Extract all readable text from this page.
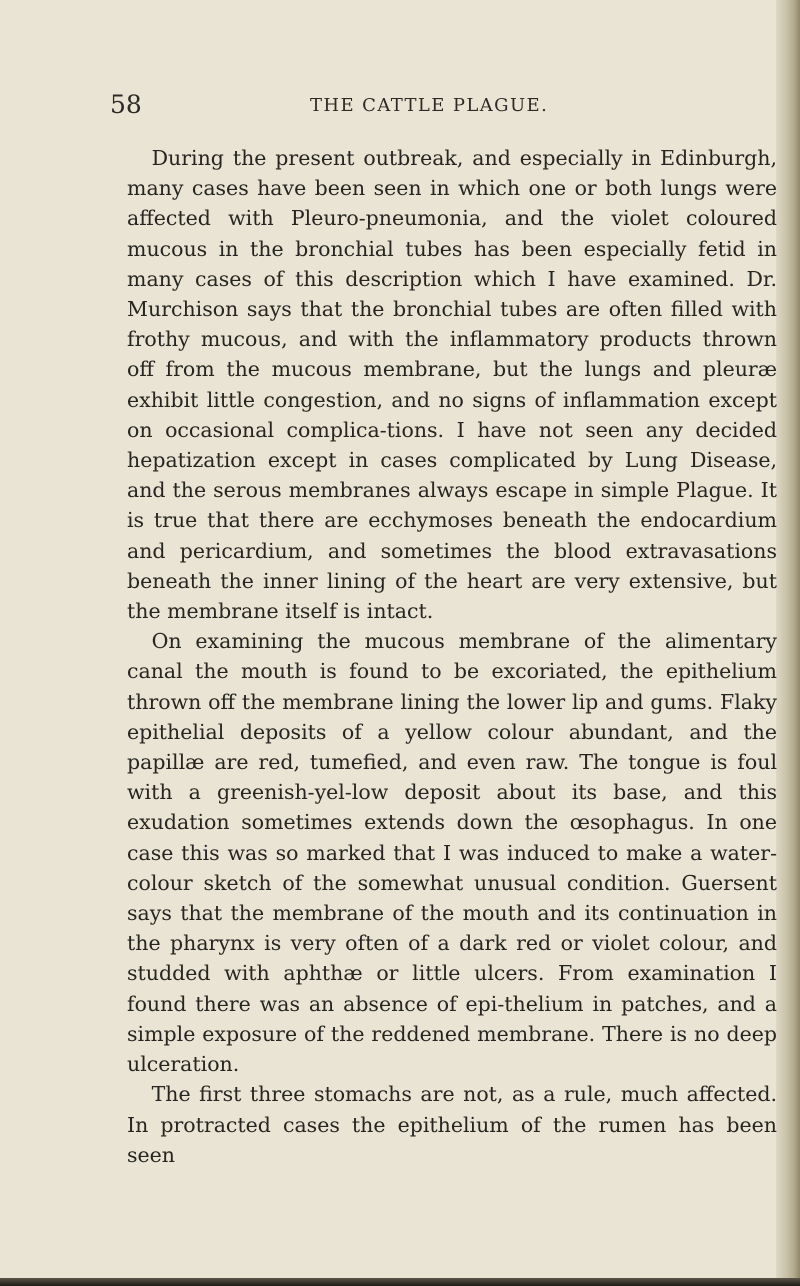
58	THE CATTLE PLAGUE.

During the present outbreak, and especially in Edinburgh, many cases have been seen in which one or both lungs were affected with Pleuro-pneumonia, and the violet coloured mucous in the bronchial tubes has been especially fetid in many cases of this description which I have examined. Dr. Murchison says that the bronchial tubes are often filled with frothy mucous, and with the inflammatory products thrown off from the mucous membrane, but the lungs and pleuræ exhibit little congestion, and no signs of inflammation except on occasional complica-tions. I have not seen any decided hepatization except in cases complicated by Lung Disease, and the serous membranes always escape in simple Plague. It is true that there are ecchymoses beneath the endocardium and pericardium, and sometimes the blood extravasations beneath the inner lining of the heart are very extensive, but the membrane itself is intact.

On examining the mucous membrane of the alimentary canal the mouth is found to be excoriated, the epithelium thrown off the membrane lining the lower lip and gums. Flaky epithelial deposits of a yellow colour abundant, and the papillæ are red, tumefied, and even raw. The tongue is foul with a greenish-yel-low deposit about its base, and this exudation sometimes extends down the œsophagus. In one case this was so marked that I was induced to make a water-colour sketch of the somewhat unusual condition. Guersent says that the membrane of the mouth and its continuation in the pharynx is very often of a dark red or violet colour, and studded with aphthæ or little ulcers. From examination I found there was an absence of epi-thelium in patches, and a simple exposure of the reddened membrane. There is no deep ulceration.

The first three stomachs are not, as a rule, much affected. In protracted cases the epithelium of the rumen has been seen
